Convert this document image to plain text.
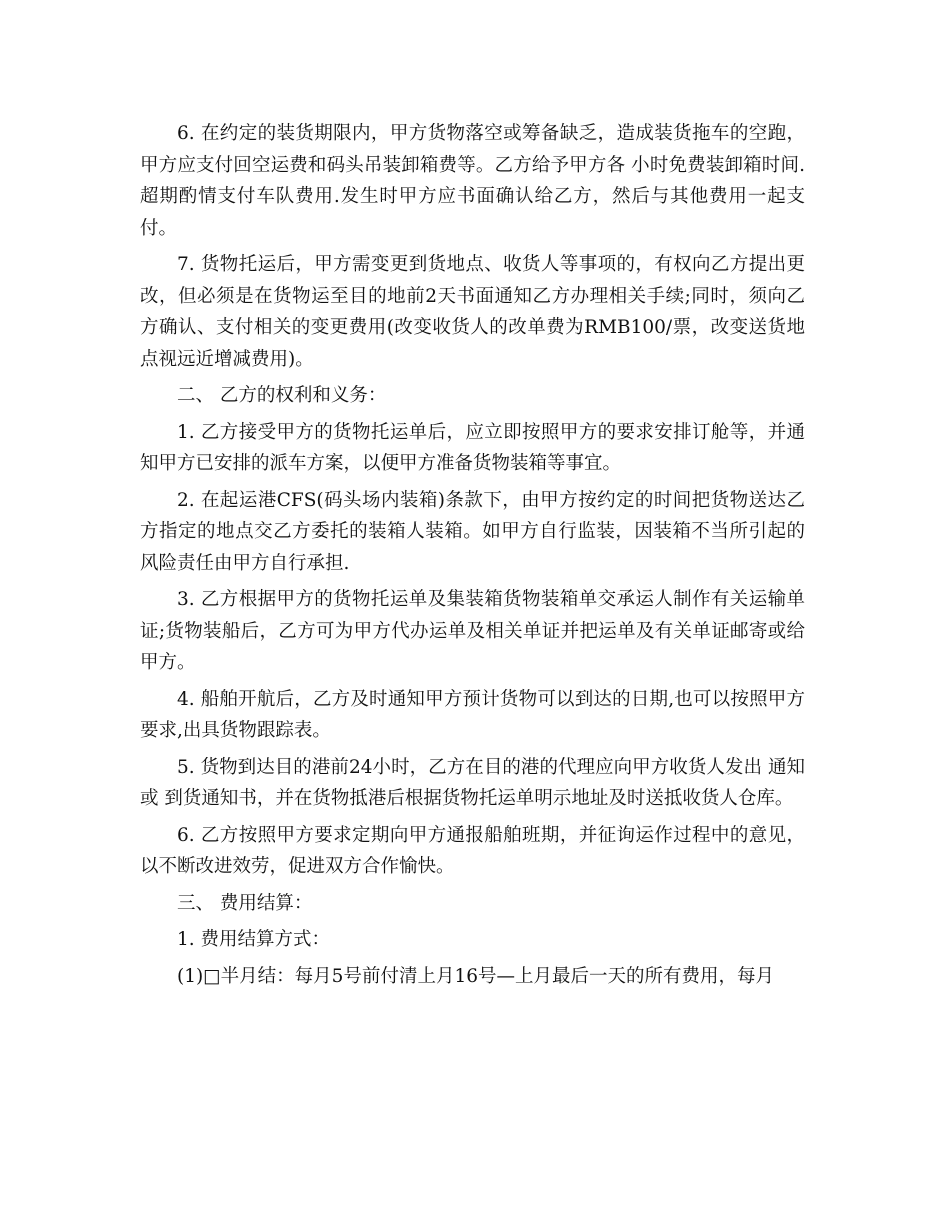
6. 在约定的装货期限内，甲方货物落空或筹备缺乏，造成装货拖车的空跑，甲方应支付回空运费和码头吊装卸箱费等。乙方给予甲方各 小时免费装卸箱时间.超期酌情支付车队费用.发生时甲方应书面确认给乙方，然后与其他费用一起支付。

7. 货物托运后，甲方需变更到货地点、收货人等事项的，有权向乙方提出更改，但必须是在货物运至目的地前2天书面通知乙方办理相关手续;同时，须向乙方确认、支付相关的变更费用(改变收货人的改单费为RMB100/票，改变送货地点视远近增减费用)。

二、 乙方的权利和义务：

1. 乙方接受甲方的货物托运单后，应立即按照甲方的要求安排订舱等，并通知甲方已安排的派车方案，以便甲方准备货物装箱等事宜。

2. 在起运港CFS(码头场内装箱)条款下，由甲方按约定的时间把货物送达乙方指定的地点交乙方委托的装箱人装箱。如甲方自行监装，因装箱不当所引起的风险责任由甲方自行承担.

3. 乙方根据甲方的货物托运单及集装箱货物装箱单交承运人制作有关运输单证;货物装船后，乙方可为甲方代办运单及相关单证并把运单及有关单证邮寄或给甲方。

4. 船舶开航后，乙方及时通知甲方预计货物可以到达的日期,也可以按照甲方要求,出具货物跟踪表。

5. 货物到达目的港前24小时，乙方在目的港的代理应向甲方收货人发出 通知或 到货通知书，并在货物抵港后根据货物托运单明示地址及时送抵收货人仓库。

6. 乙方按照甲方要求定期向甲方通报船舶班期，并征询运作过程中的意见，以不断改进效劳，促进双方合作愉快。

三、 费用结算：

1. 费用结算方式：

(1)□半月结：每月5号前付清上月16号—上月最后一天的所有费用，每月
